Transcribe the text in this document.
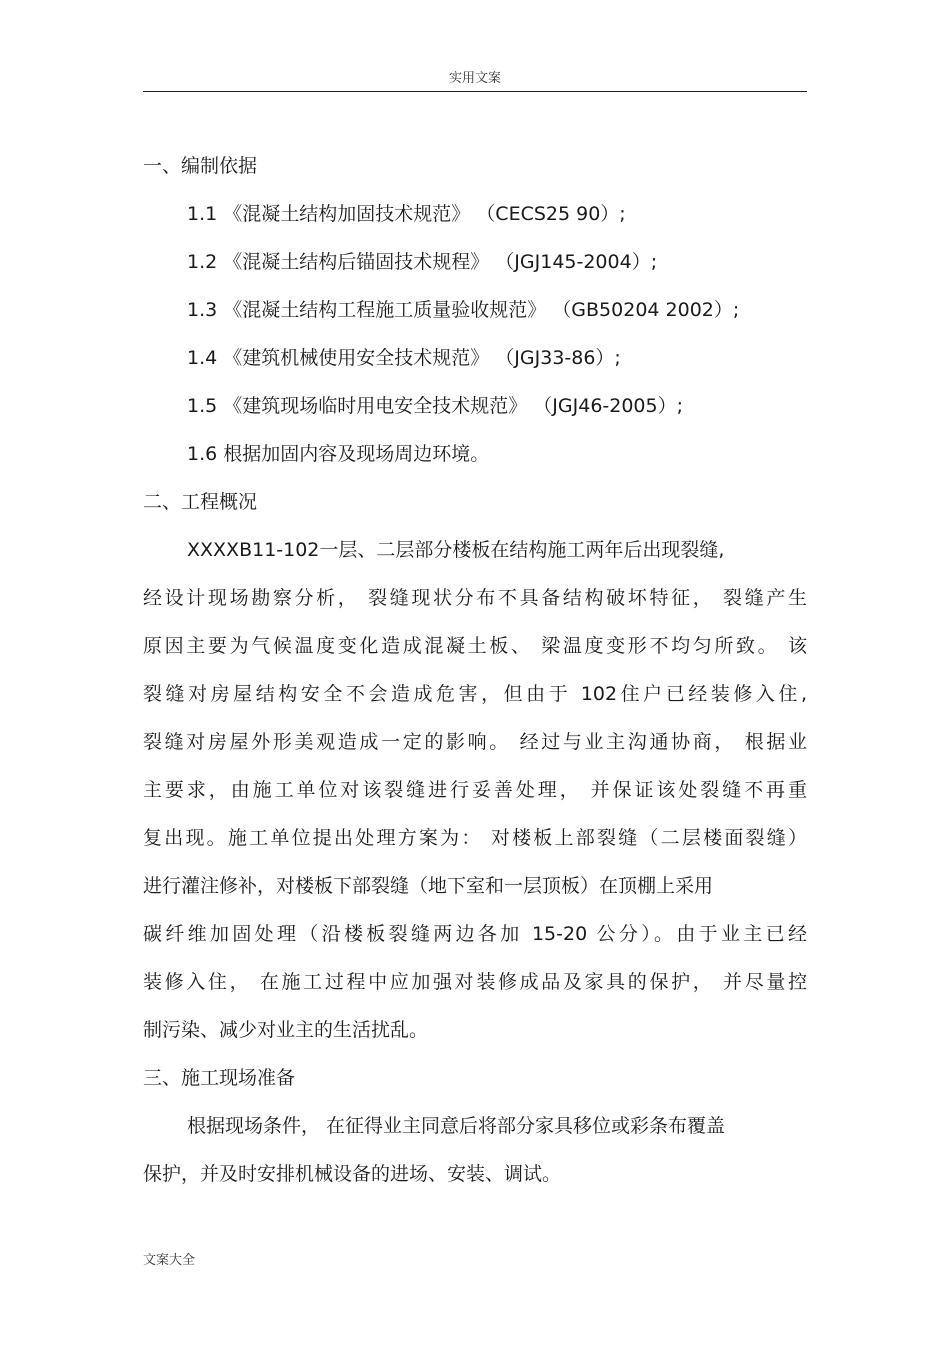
实用文案
一、编制依据
1.1 《混凝土结构加固技术规范》 （CECS25 90）;
1.2 《混凝土结构后锚固技术规程》 （JGJ145-2004）;
1.3 《混凝土结构工程施工质量验收规范》 （GB50204 2002）;
1.4 《建筑机械使用安全技术规范》 （JGJ33-86）;
1.5 《建筑现场临时用电安全技术规范》 （JGJ46-2005）;
1.6 根据加固内容及现场周边环境。
二、工程概况
XXXXB11-102一层、二层部分楼板在结构施工两年后出现裂缝,
经设计现场勘察分析， 裂缝现状分布不具备结构破坏特征， 裂缝产生
原因主要为气候温度变化造成混凝土板、 梁温度变形不均匀所致。 该
裂缝对房屋结构安全不会造成危害，但由于 102住户已经装修入住,
裂缝对房屋外形美观造成一定的影响。 经过与业主沟通协商， 根据业
主要求，由施工单位对该裂缝进行妥善处理， 并保证该处裂缝不再重
复出现。施工单位提出处理方案为： 对楼板上部裂缝（二层楼面裂缝）
进行灌注修补，对楼板下部裂缝（地下室和一层顶板）在顶棚上采用
碳纤维加固处理（沿楼板裂缝两边各加 15-20 公分）。由于业主已经
装修入住， 在施工过程中应加强对装修成品及家具的保护， 并尽量控
制污染、减少对业主的生活扰乱。
三、施工现场准备
根据现场条件， 在征得业主同意后将部分家具移位或彩条布覆盖
保护，并及时安排机械设备的进场、安装、调试。
文案大全
